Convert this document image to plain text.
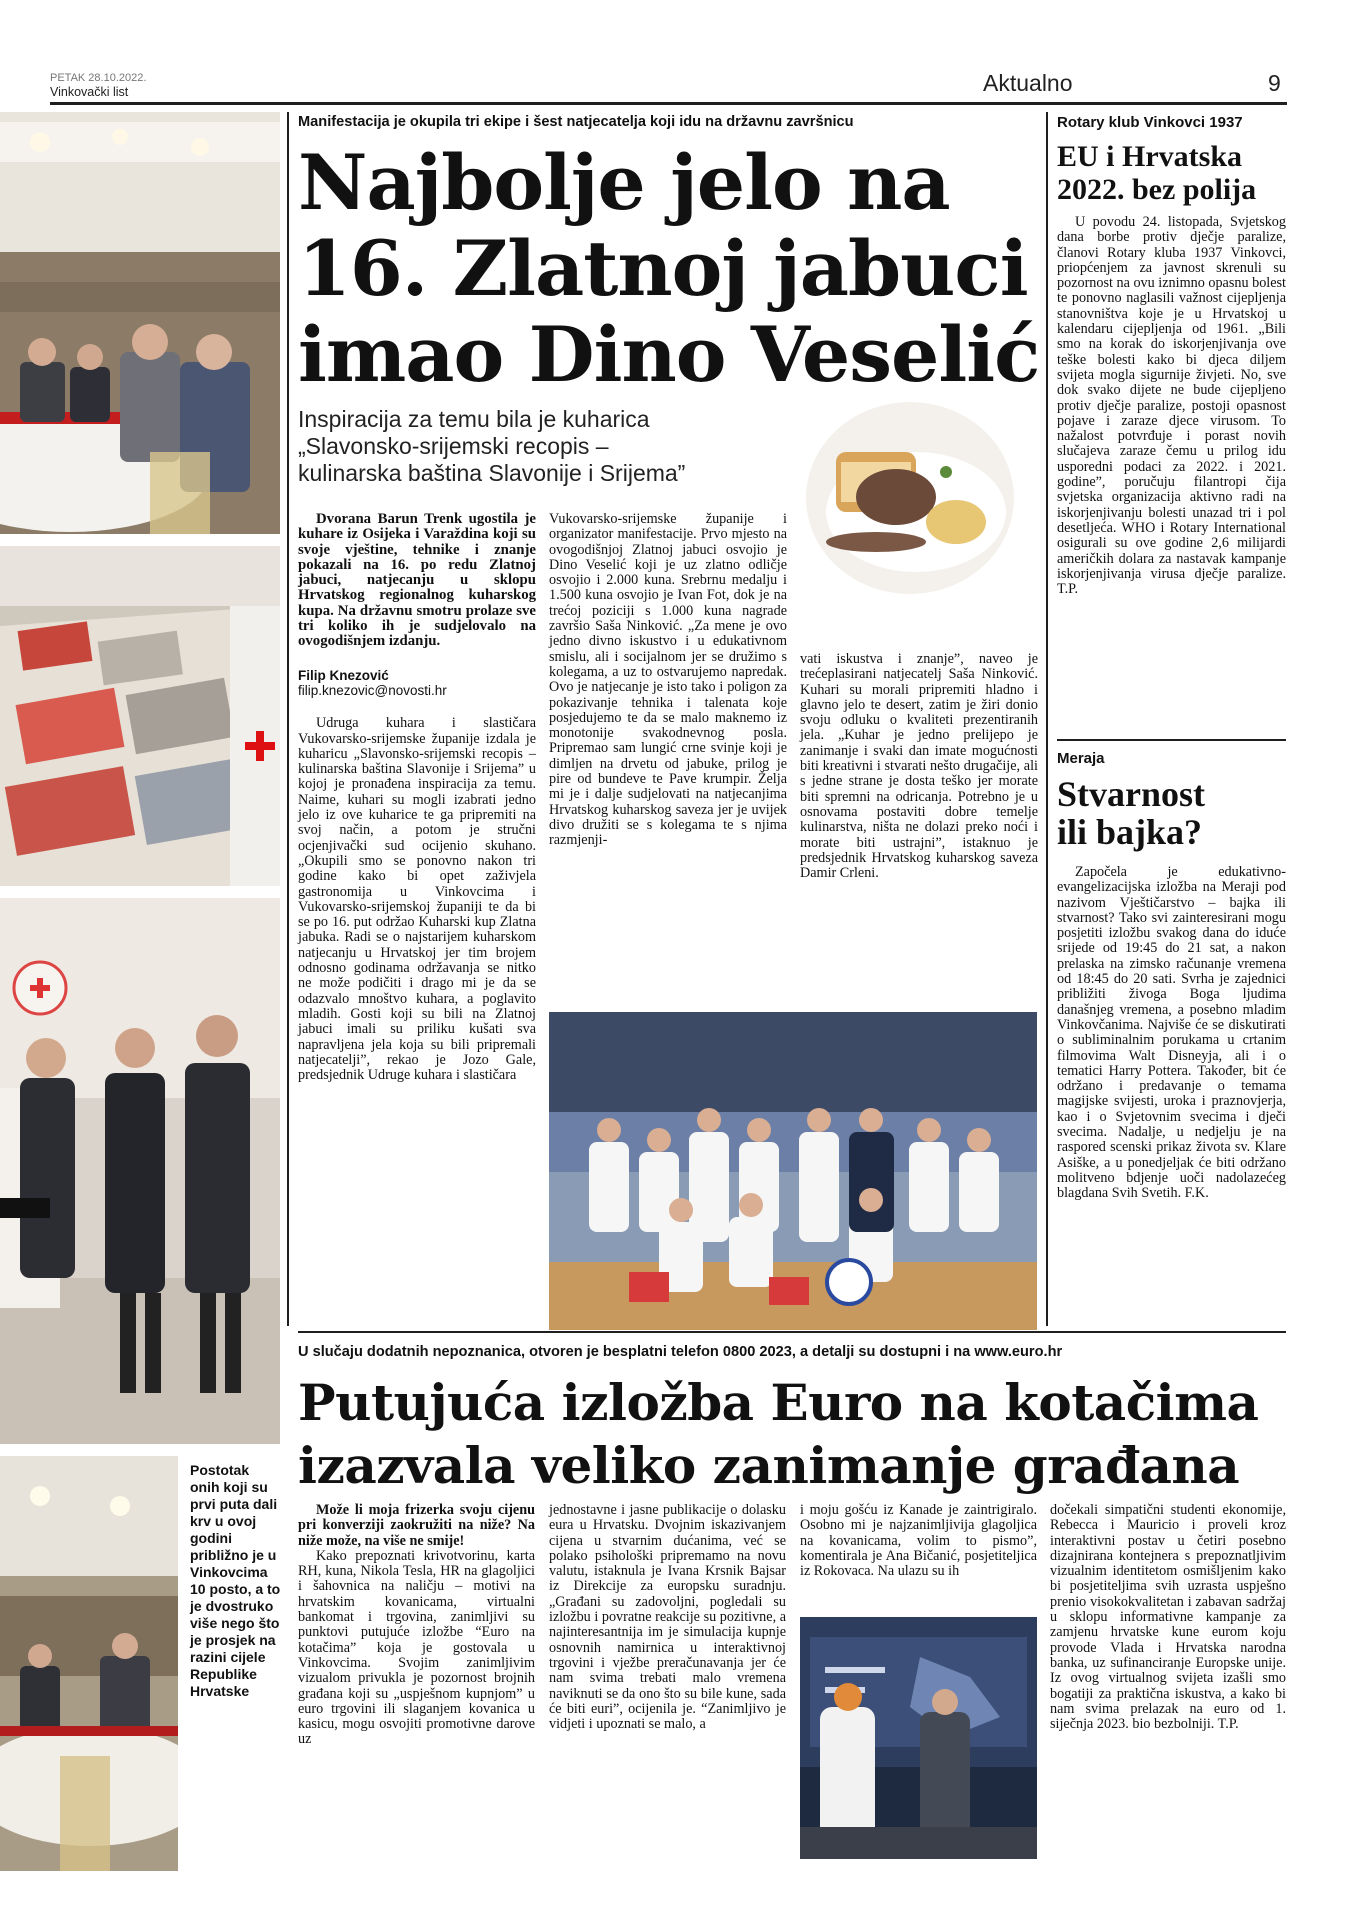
PETAK 28.10.2022.
Vinkovački list	Aktualno	9
Manifestacija je okupila tri ekipe i šest natjecatelja koji idu na državnu završnicu
Najbolje jelo na
16. Zlatnoj jabuci
imao Dino Veselić
Inspiracija za temu bila je kuharica
„Slavonsko-srijemski recopis –
kulinarska baština Slavonije i Srijema”

Dvorana Barun Trenk ugostila je kuhare iz Osijeka i Varaždina koji su svoje vještine, tehnike i znanje pokazali na 16. po redu Zlatnoj jabuci, natjecanju u sklopu Hrvatskog regionalnog kuharskog kupa. Na državnu smotru prolaze sve tri koliko ih je sudjelovalo na ovogodišnjem izdanju.

Filip Knezović
filip.knezovic@novosti.hr

Udruga kuhara i slastičara Vukovarsko-srijemske županije izdala je kuharicu „Slavonsko-srijemski recopis – kulinarska baština Slavonije i Srijema” u kojoj je pronađena inspiracija za temu. Naime, kuhari su mogli izabrati jedno jelo iz ove kuharice te ga pripremiti na svoj način, a potom je stručni ocjenjivački sud ocijenio skuhano. „Okupili smo se ponovno nakon tri godine kako bi opet zaživjela gastronomija u Vinkovcima i Vukovarsko-srijemskoj županiji te da bi se po 16. put održao Kuharski kup Zlatna jabuka. Radi se o najstarijem kuharskom natjecanju u Hrvatskoj jer tim brojem odnosno godinama održavanja se nitko ne može podičiti i drago mi je da se odazvalo mnoštvo kuhara, a poglavito mladih. Gosti koji su bili na Zlatnoj jabuci imali su priliku kušati sva napravljena jela koja su bili pripremali natjecatelji”, rekao je Jozo Gale, predsjednik Udruge kuhara i slastičara

Vukovarsko-srijemske županije i organizator manifestacije. Prvo mjesto na ovogodišnjoj Zlatnoj jabuci osvojio je Dino Veselić koji je uz zlatno odličje osvojio i 2.000 kuna. Srebrnu medalju i 1.500 kuna osvojio je Ivan Fot, dok je na trećoj poziciji s 1.000 kuna nagrade završio Saša Ninković. „Za mene je ovo jedno divno iskustvo i u edukativnom smislu, ali i socijalnom jer se družimo s kolegama, a uz to ostvarujemo napredak. Ovo je natjecanje je isto tako i poligon za pokazivanje tehnika i talenata koje posjedujemo te da se malo maknemo iz monotonije svakodnevnog posla. Pripremao sam lungić crne svinje koji je dimljen na drvetu od jabuke, prilog je pire od bundeve te Pave krumpir. Želja mi je i dalje sudjelovati na natjecanjima Hrvatskog kuharskog saveza jer je uvijek divo družiti se s kolegama te s njima razmjenji-

vati iskustva i znanje”, naveo je trećeplasirani natjecatelj Saša Ninković. Kuhari su morali pripremiti hladno i glavno jelo te desert, zatim je žiri donio svoju odluku o kvaliteti prezentiranih jela. „Kuhar je jedno prelijepo je zanimanje i svaki dan imate mogućnosti biti kreativni i stvarati nešto drugačije, ali s jedne strane je dosta teško jer morate biti spremni na odricanja. Potrebno je u osnovama postaviti dobre temelje kulinarstva, ništa ne dolazi preko noći i morate biti ustrajni”, istaknuo je predsjednik Hrvatskog kuharskog saveza Damir Crleni.

Rotary klub Vinkovci 1937
EU i Hrvatska
2022. bez polija

U povodu 24. listopada, Svjetskog dana borbe protiv dječje paralize, članovi Rotary kluba 1937 Vinkovci, priopćenjem za javnost skrenuli su pozornost na ovu iznimno opasnu bolest te ponovno naglasili važnost cijepljenja stanovništva koje je u Hrvatskoj u kalendaru cijepljenja od 1961. „Bili smo na korak do iskorjenjivanja ove teške bolesti kako bi djeca diljem svijeta mogla sigurnije živjeti. No, sve dok svako dijete ne bude cijepljeno protiv dječje paralize, postoji opasnost pojave i zaraze djece virusom. To nažalost potvrđuje i porast novih slučajeva zaraze čemu u prilog idu usporedni podaci za 2022. i 2021. godine”, poručuju filantropi čija svjetska organizacija aktivno radi na iskorjenjivanju bolesti unazad tri i pol desetljeća. WHO i Rotary International osigurali su ove godine 2,6 milijardi američkih dolara za nastavak kampanje iskorjenjivanja virusa dječje paralize. T.P.

Meraja
Stvarnost
ili bajka?

Započela je edukativno-evangelizacijska izložba na Meraji pod nazivom Vještičarstvo – bajka ili stvarnost? Tako svi zainteresirani mogu posjetiti izložbu svakog dana do iduće srijede od 19:45 do 21 sat, a nakon prelaska na zimsko računanje vremena od 18:45 do 20 sati. Svrha je zajednici približiti živoga Boga ljudima današnjeg vremena, a posebno mladim Vinkovčanima. Najviše će se diskutirati o subliminalnim porukama u crtanim filmovima Walt Disneyja, ali i o tematici Harry Pottera. Također, bit će održano i predavanje o temama magijske svijesti, uroka i praznovjerja, kao i o Svjetovnim svecima i dječi svecima. Nadalje, u nedjelju je na raspored scenski prikaz života sv. Klare Asiške, a u ponedjeljak će biti održano molitveno bdjenje uoči nadolazećeg blagdana Svih Svetih. F.K.

U slučaju dodatnih nepoznanica, otvoren je besplatni telefon 0800 2023, a detalji su dostupni i na www.euro.hr
Putujuća izložba Euro na kotačima
izazvala veliko zanimanje građana
Postotak onih koji su prvi puta dali krv u ovoj godini približno je u Vinkovcima 10 posto, a to je dvostruko više nego što je prosjek na razini cijele Republike Hrvatske

Može li moja frizerka svoju cijenu pri konverziji zaokružiti na niže? Na niže može, na više ne smije!

Kako prepoznati krivotvorinu, karta RH, kuna, Nikola Tesla, HR na glagoljici i šahovnica na naličju – motivi na hrvatskim kovanicama, virtualni bankomat i trgovina, zanimljivi su punktovi putujuće izložbe “Euro na kotačima” koja je gostovala u Vinkovcima. Svojim zanimljivim vizualom privukla je pozornost brojnih građana koji su „uspješnom kupnjom” u euro trgovini ili slaganjem kovanica u kasicu, mogu osvojiti promotivne darove uz

jednostavne i jasne publikacije o dolasku eura u Hrvatsku. Dvojnim iskazivanjem cijena u stvarnim dućanima, već se polako psihološki pripremamo na novu valutu, istaknula je Ivana Krsnik Bajsar iz Direkcije za europsku suradnju. „Građani su zadovoljni, pogledali su izložbu i povratne reakcije su pozitivne, a najinteresantnija im je simulacija kupnje osnovnih namirnica u interaktivnoj trgovini i vježbe preračunavanja jer će nam svima trebati malo vremena naviknuti se da ono što su bile kune, sada će biti euri”, ocijenila je. “Zanimljivo je vidjeti i upoznati se malo, a

i moju gošću iz Kanade je zaintrigiralo. Osobno mi je najzanimljivija glagoljica na kovanicama, volim to pismo”, komentirala je Ana Bičanić, posjetiteljica iz Rokovaca. Na ulazu su ih

dočekali simpatični studenti ekonomije, Rebecca i Mauricio i proveli kroz interaktivni postav u četiri posebno dizajnirana kontejnera s prepoznatljivim vizualnim identitetom osmišljenim kako bi posjetiteljima svih uzrasta uspješno prenio visokokvalitetan i zabavan sadržaj u sklopu informativne kampanje za zamjenu hrvatske kune eurom koju provode Vlada i Hrvatska narodna banka, uz sufinanciranje Europske unije. Iz ovog virtualnog svijeta izašli smo bogatiji za praktična iskustva, a kako bi nam svima prelazak na euro od 1. siječnja 2023. bio bezbolniji. T.P.
